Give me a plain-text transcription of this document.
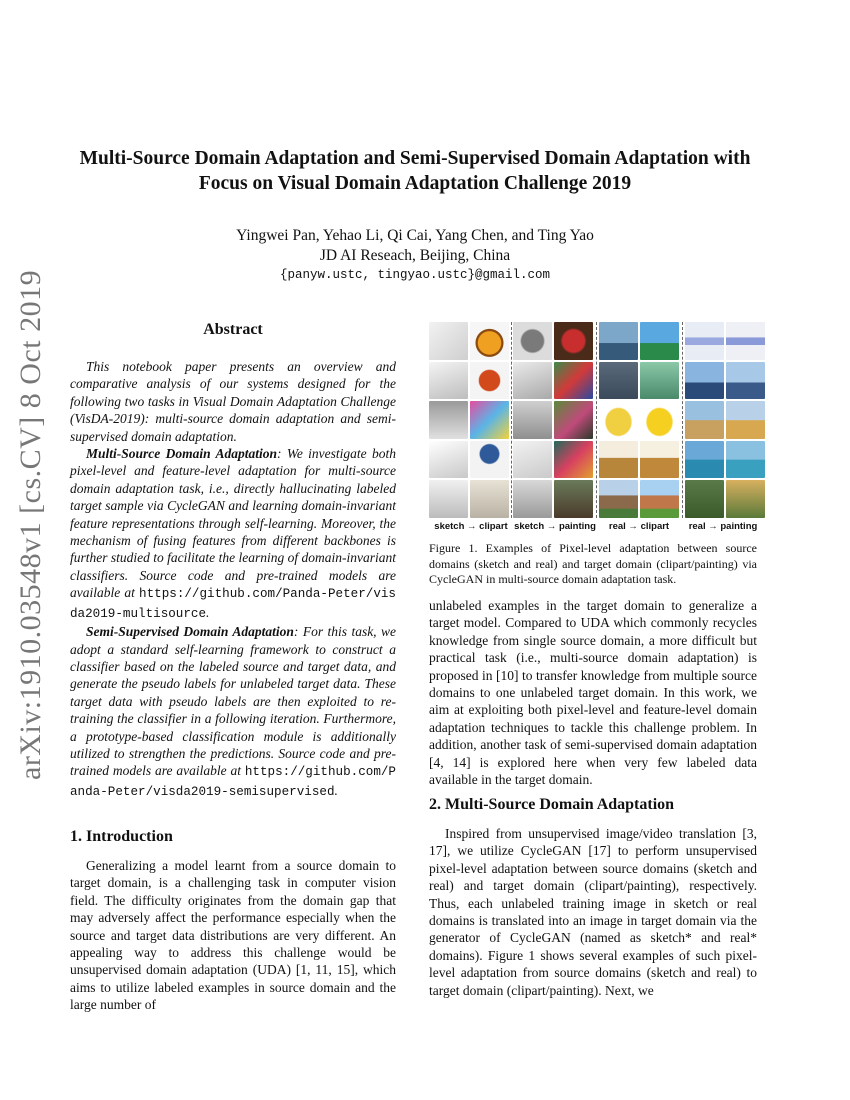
arXiv:1910.03548v1 [cs.CV] 8 Oct 2019
Multi-Source Domain Adaptation and Semi-Supervised Domain Adaptation with
Focus on Visual Domain Adaptation Challenge 2019
Yingwei Pan, Yehao Li, Qi Cai, Yang Chen, and Ting Yao
JD AI Reseach, Beijing, China
{panyw.ustc, tingyao.ustc}@gmail.com
Abstract

This notebook paper presents an overview and comparative analysis of our systems designed for the following two tasks in Visual Domain Adaptation Challenge (VisDA-2019): multi-source domain adaptation and semi-supervised domain adaptation.

Multi-Source Domain Adaptation: We investigate both pixel-level and feature-level adaptation for multi-source domain adaptation task, i.e., directly hallucinating labeled target sample via CycleGAN and learning domain-invariant feature representations through self-learning. Moreover, the mechanism of fusing features from different backbones is further studied to facilitate the learning of domain-invariant classifiers. Source code and pre-trained models are available at https://github.com/Panda-Peter/visda2019-multisource.

Semi-Supervised Domain Adaptation: For this task, we adopt a standard self-learning framework to construct a classifier based on the labeled source and target data, and generate the pseudo labels for unlabeled target data. These target data with pseudo labels are then exploited to re-training the classifier in a following iteration. Furthermore, a prototype-based classification module is additionally utilized to strengthen the predictions. Source code and pre-trained models are available at https://github.com/Panda-Peter/visda2019-semisupervised.

1. Introduction

Generalizing a model learnt from a source domain to target domain, is a challenging task in computer vision field. The difficulty originates from the domain gap that may adversely affect the performance especially when the source and target data distributions are very different. An appealing way to address this challenge would be unsupervised domain adaptation (UDA) [1, 11, 15], which aims to utilize labeled examples in source domain and the large number of

sketch → clipart sketch → painting	real → clipart	real → painting
Figure 1. Examples of Pixel-level adaptation between source domains (sketch and real) and target domain (clipart/painting) via CycleGAN in multi-source domain adaptation task.

unlabeled examples in the target domain to generalize a target model. Compared to UDA which commonly recycles knowledge from single source domain, a more difficult but practical task (i.e., multi-source domain adaptation) is proposed in [10] to transfer knowledge from multiple source domains to one unlabeled target domain. In this work, we aim at exploiting both pixel-level and feature-level domain adaptation techniques to tackle this challenge problem. In addition, another task of semi-supervised domain adaptation [4, 14] is explored here when very few labeled data available in the target domain.

2. Multi-Source Domain Adaptation

Inspired from unsupervised image/video translation [3, 17], we utilize CycleGAN [17] to perform unsupervised pixel-level adaptation between source domains (sketch and real) and target domain (clipart/painting), respectively. Thus, each unlabeled training image in sketch or real domains is translated into an image in target domain via the generator of CycleGAN (named as sketch* and real* domains). Figure 1 shows several examples of such pixel-level adaptation from source domains (sketch and real) to target domain (clipart/painting). Next, we
